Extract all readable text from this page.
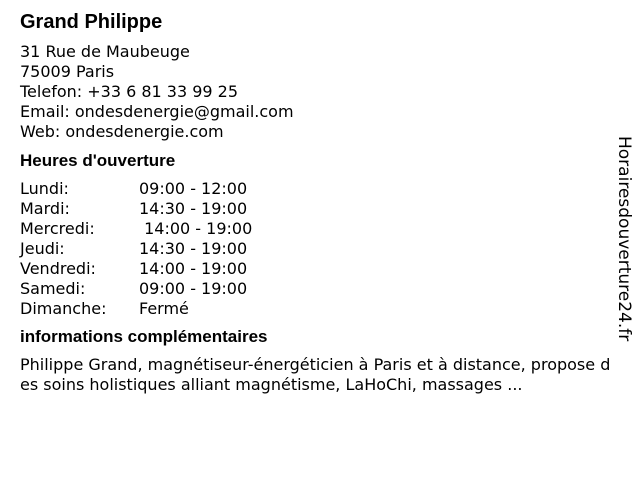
Grand Philippe
31 Rue de Maubeuge
75009 Paris
Telefon: +33 6 81 33 99 25
Email: ondesdenergie@gmail.com
Web: ondesdenergie.com
Heures d'ouverture
Lundi:	09:00 - 12:00
Mardi:	14:30 - 19:00
Mercredi:	14:00 - 19:00
Jeudi:	14:30 - 19:00
Vendredi:	14:00 - 19:00
Samedi:	09:00 - 19:00
Dimanche:	Fermé
informations complémentaires
Philippe Grand, magnétiseur-énergéticien à Paris et à distance, propose des soins holistiques alliant magnétisme, LaHoChi, massages ...
Horairesdouverture24.fr
